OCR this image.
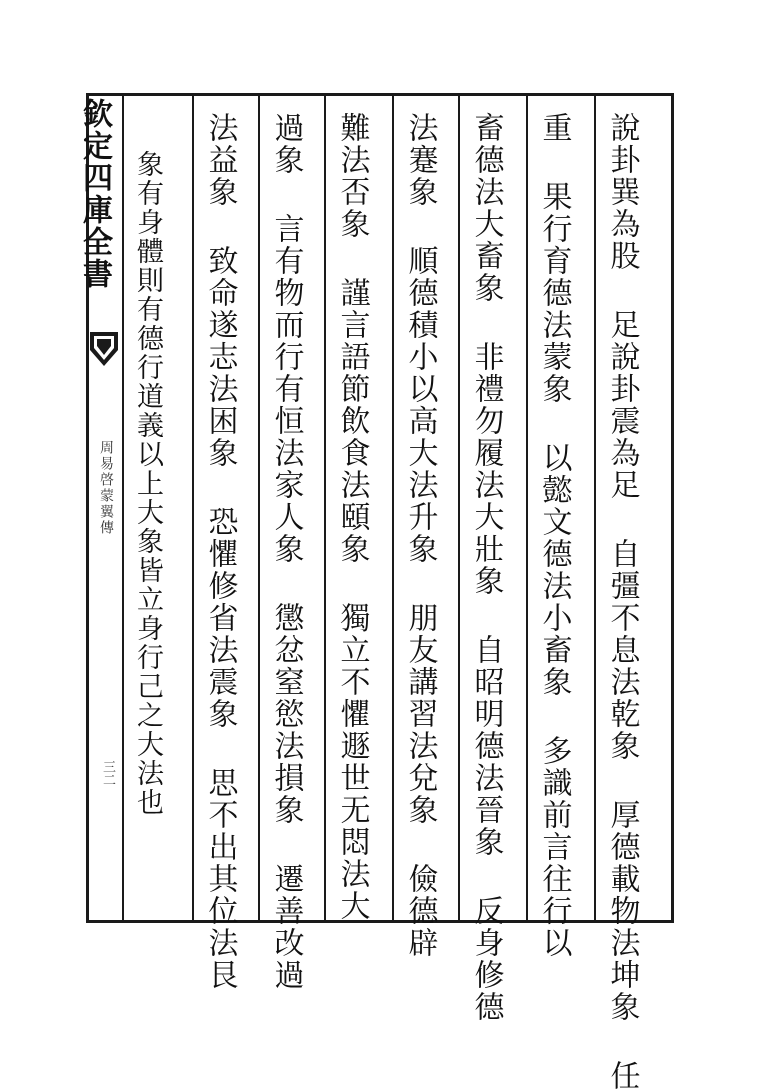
欽定四庫全書
周易啓蒙翼傳
三二	說卦巽為股 足說卦震為足 自彊不息法乾象 厚德載物法坤象 任
重 果行育德法蒙象 以懿文德法小畜象 多識前言往行以
畜德法大畜象 非禮勿履法大壯象 自昭明德法晉象 反身修德
法蹇象 順德積小以高大法升象 朋友講習法兌象 儉德辟
難法否象 謹言語節飲食法頤象 獨立不懼遯世无悶法大
過象 言有物而行有恒法家人象 懲忿窒慾法損象 遷善改過
法益象 致命遂志法困象 恐懼修省法震象 思不出其位法艮
象有身體則有德行道義以上大象皆立身行己之大法也
